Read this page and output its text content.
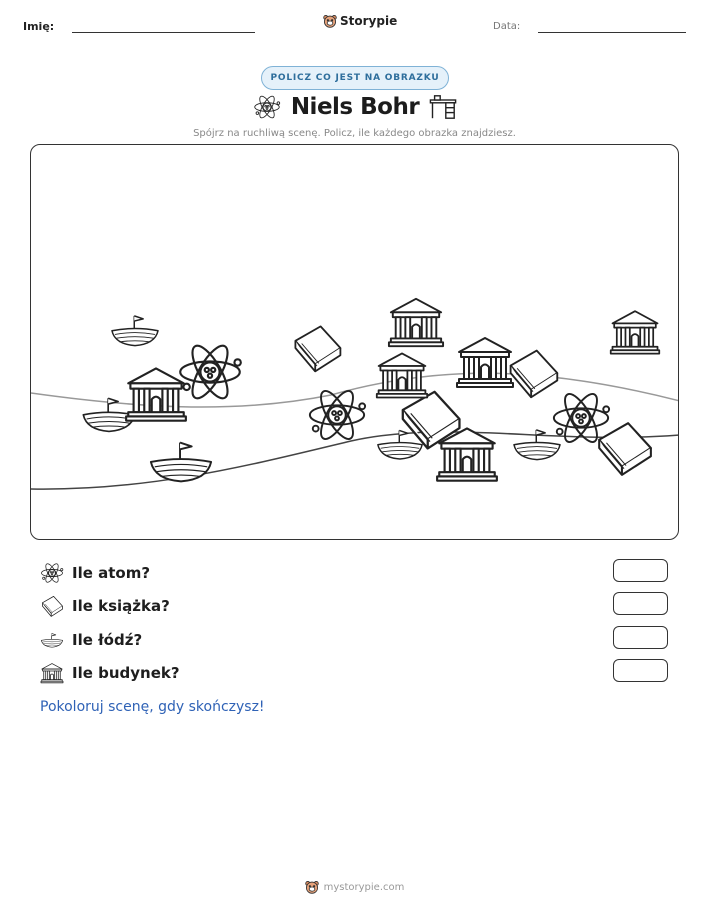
Imię:	Storypie	Data:
POLICZ CO JEST NA OBRAZKU
Niels Bohr
Spójrz na ruchliwą scenę. Policz, ile każdego obrazka znajdziesz.
Ile atom?
Ile książka?
Ile łódź?
Ile budynek?
Pokoloruj scenę, gdy skończysz!
mystorypie.com
